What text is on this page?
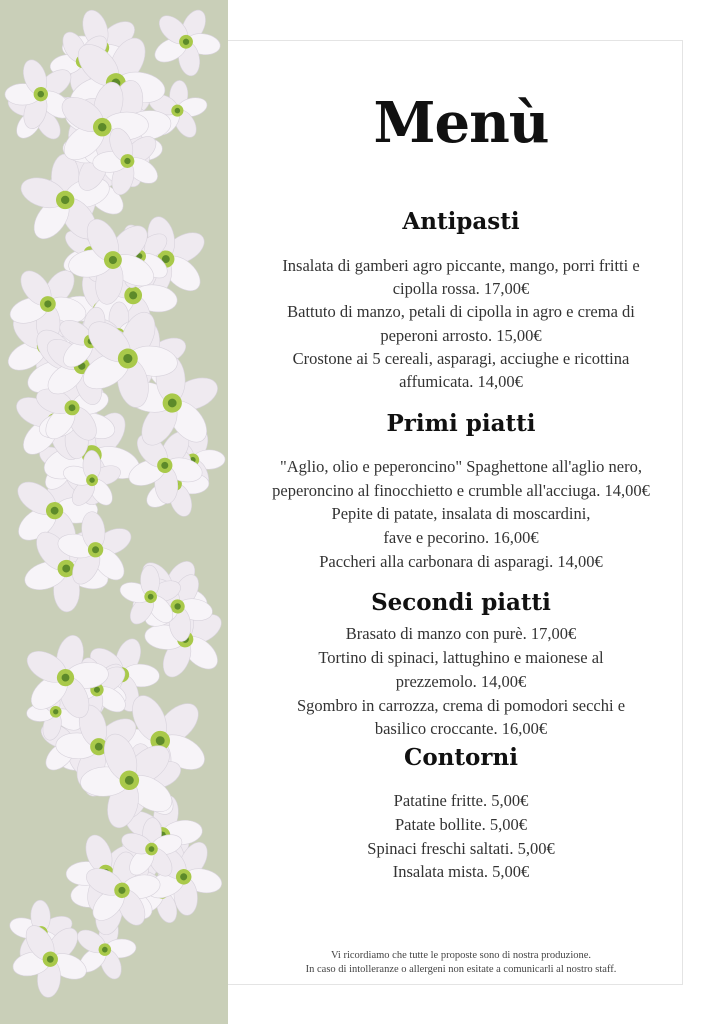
Menù
Antipasti
Insalata di gamberi agro piccante, mango, porri fritti e
cipolla rossa. 17,00€
Battuto di manzo, petali di cipolla in agro e crema di
peperoni arrosto. 15,00€
Crostone ai 5 cereali, asparagi, acciughe e ricottina
affumicata. 14,00€
Primi piatti
"Aglio, olio e peperoncino" Spaghettone all'aglio nero,
peperoncino al finocchietto e crumble all'acciuga. 14,00€
Pepite di patate, insalata di moscardini,
fave e pecorino. 16,00€
Paccheri alla carbonara di asparagi. 14,00€
Secondi piatti
Brasato di manzo con purè. 17,00€
Tortino di spinaci, lattughino e maionese al
prezzemolo. 14,00€
Sgombro in carrozza, crema di pomodori secchi e
basilico croccante. 16,00€
Contorni
Patatine fritte. 5,00€
Patate bollite. 5,00€
Spinaci freschi saltati. 5,00€
Insalata mista. 5,00€
Vi ricordiamo che tutte le proposte sono di nostra produzione.
In caso di intolleranze o allergeni non esitate a comunicarli al nostro staff.
